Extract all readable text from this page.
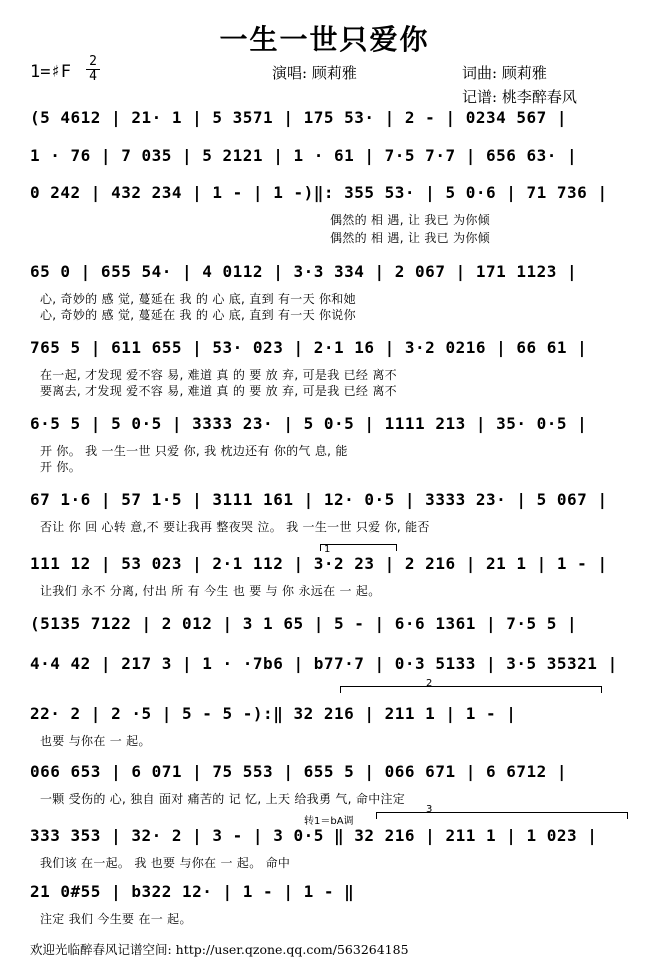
一生一世只爱你
1=♯F
2
4	演唱: 顾莉雅	词曲: 顾莉雅
记谱: 桃李醉春风
(5 4612 | 21· 1 | 5 3571 | 175 53· | 2 - | 0234 567 |
1 · 76 | 7 035 | 5 2121 | 1 · 61 | 7·5 7·7 | 656 63· |
0 242 | 432 234 | 1 - | 1 -)‖: 355 53· | 5 0·6 | 71 736 |
偶然的 相 遇, 让 我已 为你倾
偶然的 相 遇, 让 我已 为你倾
65 0 | 655 54· | 4 0112 | 3·3 334 | 2 067 | 171 1123 |
心, 奇妙的 感 觉, 蔓延在 我 的 心 底, 直到 有一天 你和她
心, 奇妙的 感 觉, 蔓延在 我 的 心 底, 直到 有一天 你说你
765 5 | 611 655 | 53· 023 | 2·1 16 | 3·2 0216 | 66 61 |
在一起, 才发现 爱不容 易, 难道 真 的 要 放 弃, 可是我 已经 离不
要离去, 才发现 爱不容 易, 难道 真 的 要 放 弃, 可是我 已经 离不
6·5 5 | 5 0·5 | 3333 23· | 5 0·5 | 1111 213 | 35· 0·5 |
开 你。 我 一生一世 只爱 你, 我 枕边还有 你的气 息, 能
开 你。
67 1·6 | 57 1·5 | 3111 161 | 12· 0·5 | 3333 23· | 5 067 |
否让 你 回 心转 意,不 要让我再 整夜哭 泣。 我 一生一世 只爱 你, 能否
1
111 12 | 53 023 | 2·1 112 | 3·2 23 | 2 216 | 21 1 | 1 - |
让我们 永不 分离, 付出 所 有 今生 也 要 与 你 永远在 一 起。
(5135 7122 | 2 012 | 3 1 65 | 5 - | 6·6 1361 | 7·5 5 |
4·4 42 | 217 3 | 1 · ·7b6 | b77·7 | 0·3 5133 | 3·5 35321 |
2
22· 2 | 2 ·5 | 5 - 5 -):‖ 32 216 | 211 1 | 1 - |
也要 与你在 一 起。
066 653 | 6 071 | 75 553 | 655 5 | 066 671 | 6 6712 |
一颗 受伤的 心, 独自 面对 痛苦的 记 忆, 上天 给我勇 气, 命中注定
转1＝bA调
3
333 353 | 32· 2 | 3 - | 3 0·5 ‖ 32 216 | 211 1 | 1 023 |
我们该 在一起。 我 也要 与你在 一 起。 命中
21 0#55 | b322 12· | 1 - | 1 - ‖
注定 我们 今生要 在一 起。
欢迎光临醉春风记谱空间: http://user.qzone.qq.com/563264185
